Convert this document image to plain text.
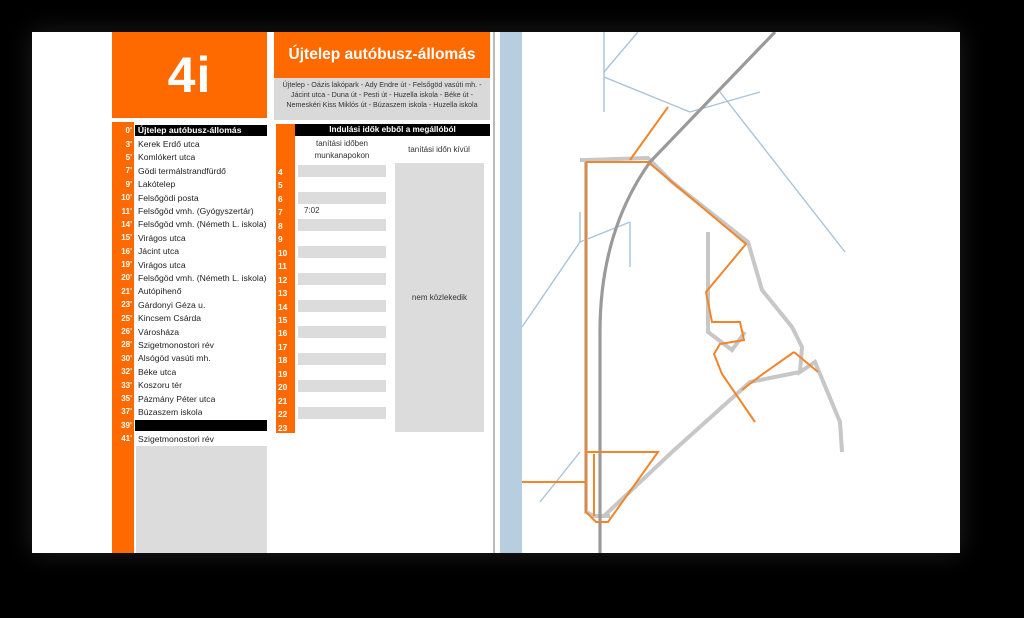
4i
0' Újtelep autóbusz-állomás
3' Kerek Erdő utca
5' Komlókert utca
7' Gödi termálstrandfürdő
9' Lakótelep
10' Felsőgödi posta
11' Felsőgöd vmh. (Gyógyszertár)
14' Felsőgöd vmh. (Németh L. iskola)
15' Virágos utca
16' Jácint utca
19' Virágos utca
20' Felsőgöd vmh. (Németh L. iskola)
21' Autópihenő
23' Gárdonyi Géza u.
25' Kincsem Csárda
26' Városháza
28' Szigetmonostori rév
30' Alsógöd vasúti mh.
32' Béke utca
33' Koszoru tér
35' Pázmány Péter utca
37' Búzaszem iskola
39'
41' Szigetmonostori rév
Újtelep autóbusz-állomás
Újtelep - Oázis lakópark - Ady Endre út - Felsőgöd vasúti mh. - Jácint utca - Duna út - Pesti út - Huzella iskola - Béke út - Nemeskéri Kiss Miklós út - Búzaszem iskola - Huzella iskola
Indulási idők ebből a megállóból
tanítási időben munkanapokon
tanítási időn kívül
4
5
6
7	7:02
8
9
10
11
12
13
14
15
16
17
18
19
20
21
22
23
nem közlekedik
